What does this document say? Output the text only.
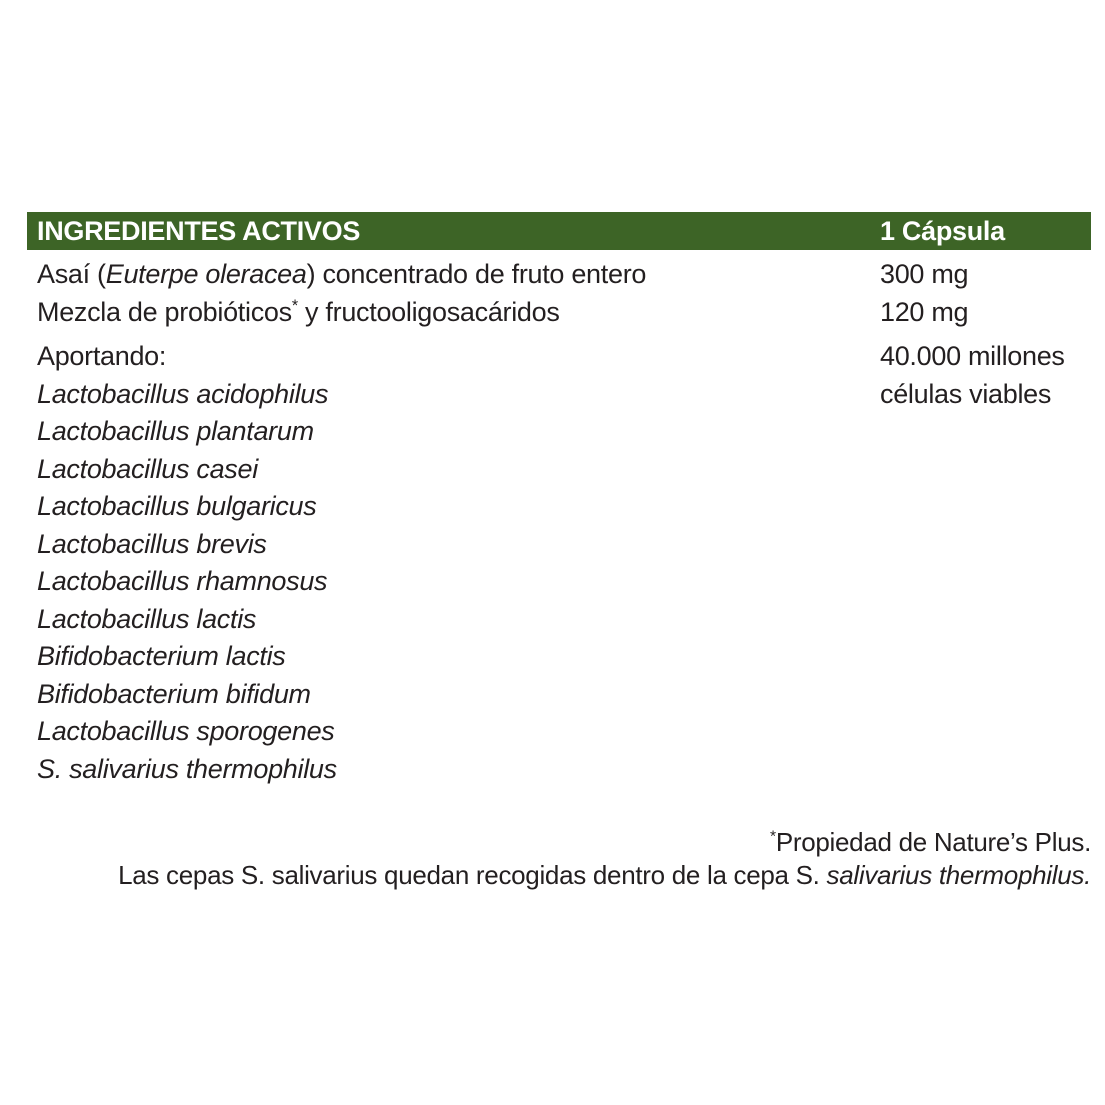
INGREDIENTES ACTIVOS	1 Cápsula
Asaí (Euterpe oleracea) concentrado de fruto entero	300 mg
Mezcla de probióticos* y fructooligosacáridos	120 mg
Aportando:	40.000 millones
células viables
Lactobacillus acidophilus
Lactobacillus plantarum
Lactobacillus casei
Lactobacillus bulgaricus
Lactobacillus brevis
Lactobacillus rhamnosus
Lactobacillus lactis
Bifidobacterium lactis
Bifidobacterium bifidum
Lactobacillus sporogenes
S. salivarius thermophilus
*Propiedad de Nature’s Plus.
Las cepas S. salivarius quedan recogidas dentro de la cepa S. salivarius thermophilus.
